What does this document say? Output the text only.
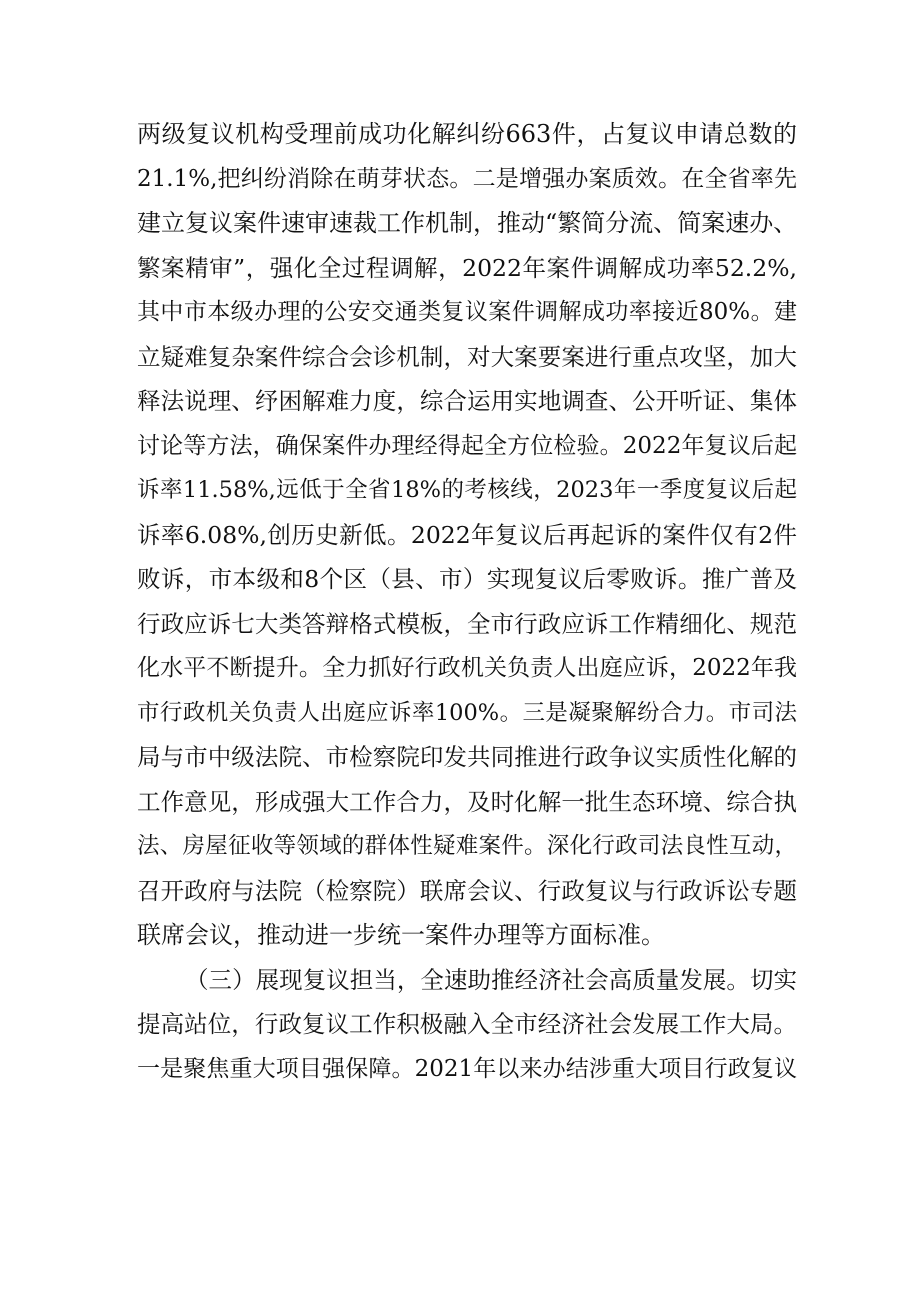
两级复议机构受理前成功化解纠纷663件，占复议申请总数的
21.1%,把纠纷消除在萌芽状态。二是增强办案质效。在全省率先
建立复议案件速审速裁工作机制，推动“繁简分流、简案速办、
繁案精审”，强化全过程调解，2022年案件调解成功率52.2%,
其中市本级办理的公安交通类复议案件调解成功率接近80%。建
立疑难复杂案件综合会诊机制，对大案要案进行重点攻坚，加大
释法说理、纾困解难力度，综合运用实地调查、公开听证、集体
讨论等方法，确保案件办理经得起全方位检验。2022年复议后起
诉率11.58%,远低于全省18%的考核线，2023年一季度复议后起
诉率6.08%,创历史新低。2022年复议后再起诉的案件仅有2件
败诉，市本级和8个区（县、市）实现复议后零败诉。推广普及
行政应诉七大类答辩格式模板，全市行政应诉工作精细化、规范
化水平不断提升。全力抓好行政机关负责人出庭应诉，2022年我
市行政机关负责人出庭应诉率100%。三是凝聚解纷合力。市司法
局与市中级法院、市检察院印发共同推进行政争议实质性化解的
工作意见，形成强大工作合力，及时化解一批生态环境、综合执
法、房屋征收等领域的群体性疑难案件。深化行政司法良性互动，
召开政府与法院（检察院）联席会议、行政复议与行政诉讼专题
联席会议，推动进一步统一案件办理等方面标准。
（三）展现复议担当，全速助推经济社会高质量发展。切实
提高站位，行政复议工作积极融入全市经济社会发展工作大局。
一是聚焦重大项目强保障。2021年以来办结涉重大项目行政复议
